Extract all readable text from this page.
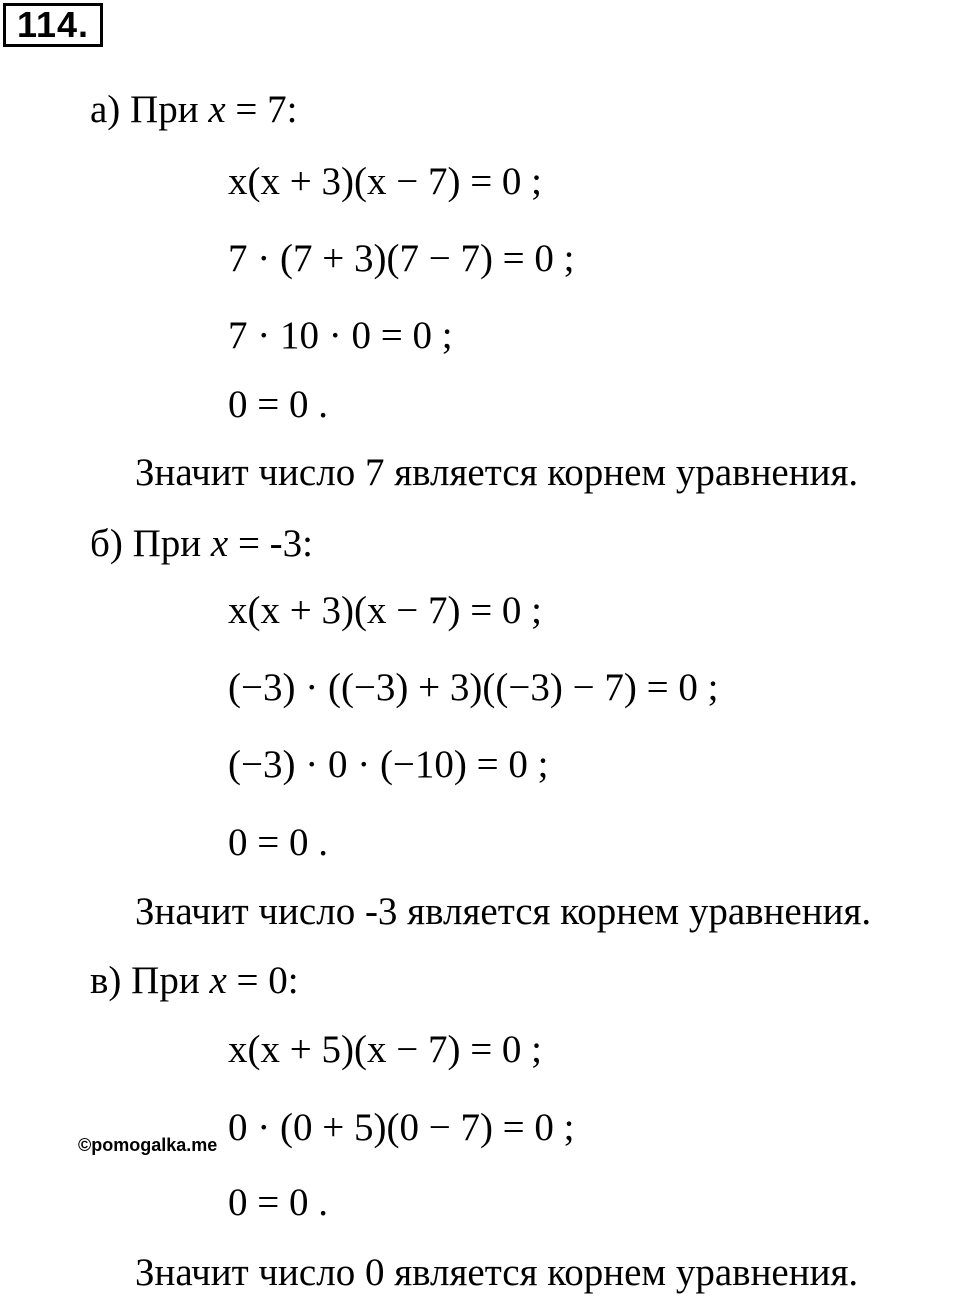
114.
а) При x = 7:
x(x + 3)(x − 7) = 0 ;
7 · (7 + 3)(7 − 7) = 0 ;
7 · 10 · 0 = 0 ;
0 = 0 .
Значит число 7 является корнем уравнения.
б) При x = -3:
x(x + 3)(x − 7) = 0 ;
(−3) · ((−3) + 3)((−3) − 7) = 0 ;
(−3) · 0 · (−10) = 0 ;
0 = 0 .
Значит число -3 является корнем уравнения.
в) При x = 0:
x(x + 5)(x − 7) = 0 ;
0 · (0 + 5)(0 − 7) = 0 ;
0 = 0 .
Значит число 0 является корнем уравнения.
©pomogalka.me
